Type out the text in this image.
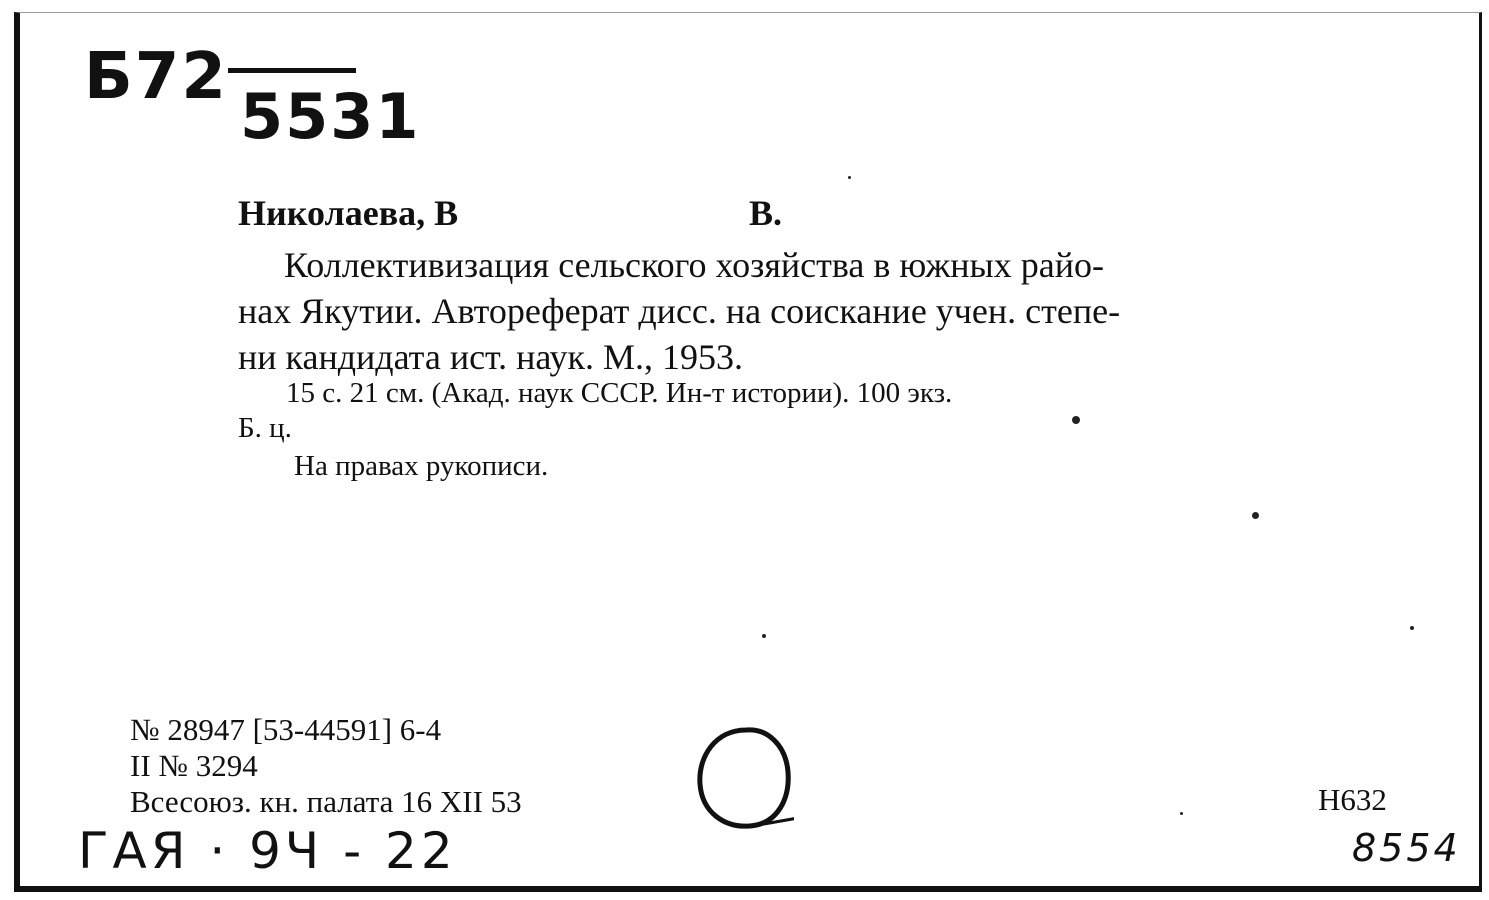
Б72
5531
Николаева, В	В.
Коллективизация сельского хозяйства в южных райо-
нах Якутии. Автореферат дисс. на соискание учен. степе-
ни кандидата ист. наук. М., 1953.
15 с. 21 см. (Акад. наук СССР. Ин-т истории). 100 экз.
Б. ц.
На правах рукописи.
№ 28947 [53-44591] 6-4
II № 3294
Всесоюз. кн. палата 16 XII 53	Н632
ГАЯ · 9Ч - 22	8554
